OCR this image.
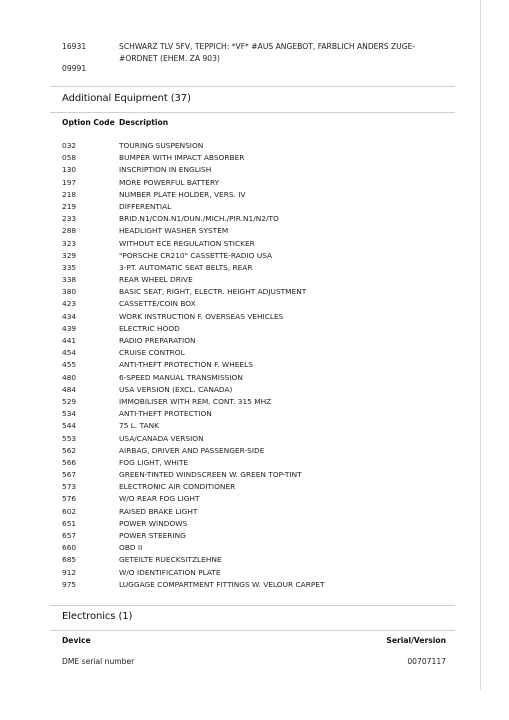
16931	SCHWARZ TLV 5FV, TEPPICH: *VF* #AUS ANGEBOT, FARBLICH ANDERS ZUGE-#ORDNET (EHEM. ZA 903)
09991
Additional Equipment (37)
Option Code Description
032	TOURING SUSPENSION
058	BUMPER WITH IMPACT ABSORBER
130	INSCRIPTION IN ENGLISH
197	MORE POWERFUL BATTERY
218	NUMBER PLATE HOLDER, VERS. IV
219	DIFFERENTIAL
233	BRID.N1/CON.N1/DUN./MICH./PIR.N1/N2/TO
288	HEADLIGHT WASHER SYSTEM
323	WITHOUT ECE REGULATION STICKER
329	"PORSCHE CR210" CASSETTE-RADIO USA
335	3-PT. AUTOMATIC SEAT BELTS, REAR
338	REAR WHEEL DRIVE
380	BASIC SEAT, RIGHT, ELECTR. HEIGHT ADJUSTMENT
423	CASSETTE/COIN BOX
434	WORK INSTRUCTION F. OVERSEAS VEHICLES
439	ELECTRIC HOOD
441	RADIO PREPARATION
454	CRUISE CONTROL
455	ANTI-THEFT PROTECTION F. WHEELS
480	6-SPEED MANUAL TRANSMISSION
484	USA VERSION (EXCL. CANADA)
529	IMMOBILISER WITH REM. CONT. 315 MHZ
534	ANTI-THEFT PROTECTION
544	75 L. TANK
553	USA/CANADA VERSION
562	AIRBAG, DRIVER AND PASSENGER-SIDE
566	FOG LIGHT, WHITE
567	GREEN-TINTED WINDSCREEN W. GREEN TOP-TINT
573	ELECTRONIC AIR CONDITIONER
576	W/O REAR FOG LIGHT
602	RAISED BRAKE LIGHT
651	POWER WINDOWS
657	POWER STEERING
660	OBD II
685	GETEILTE RUECKSITZLEHNE
912	W/O IDENTIFICATION PLATE
975	LUGGAGE COMPARTMENT FITTINGS W. VELOUR CARPET
Electronics (1)
Device	Serial/Version
DME serial number	00707117
